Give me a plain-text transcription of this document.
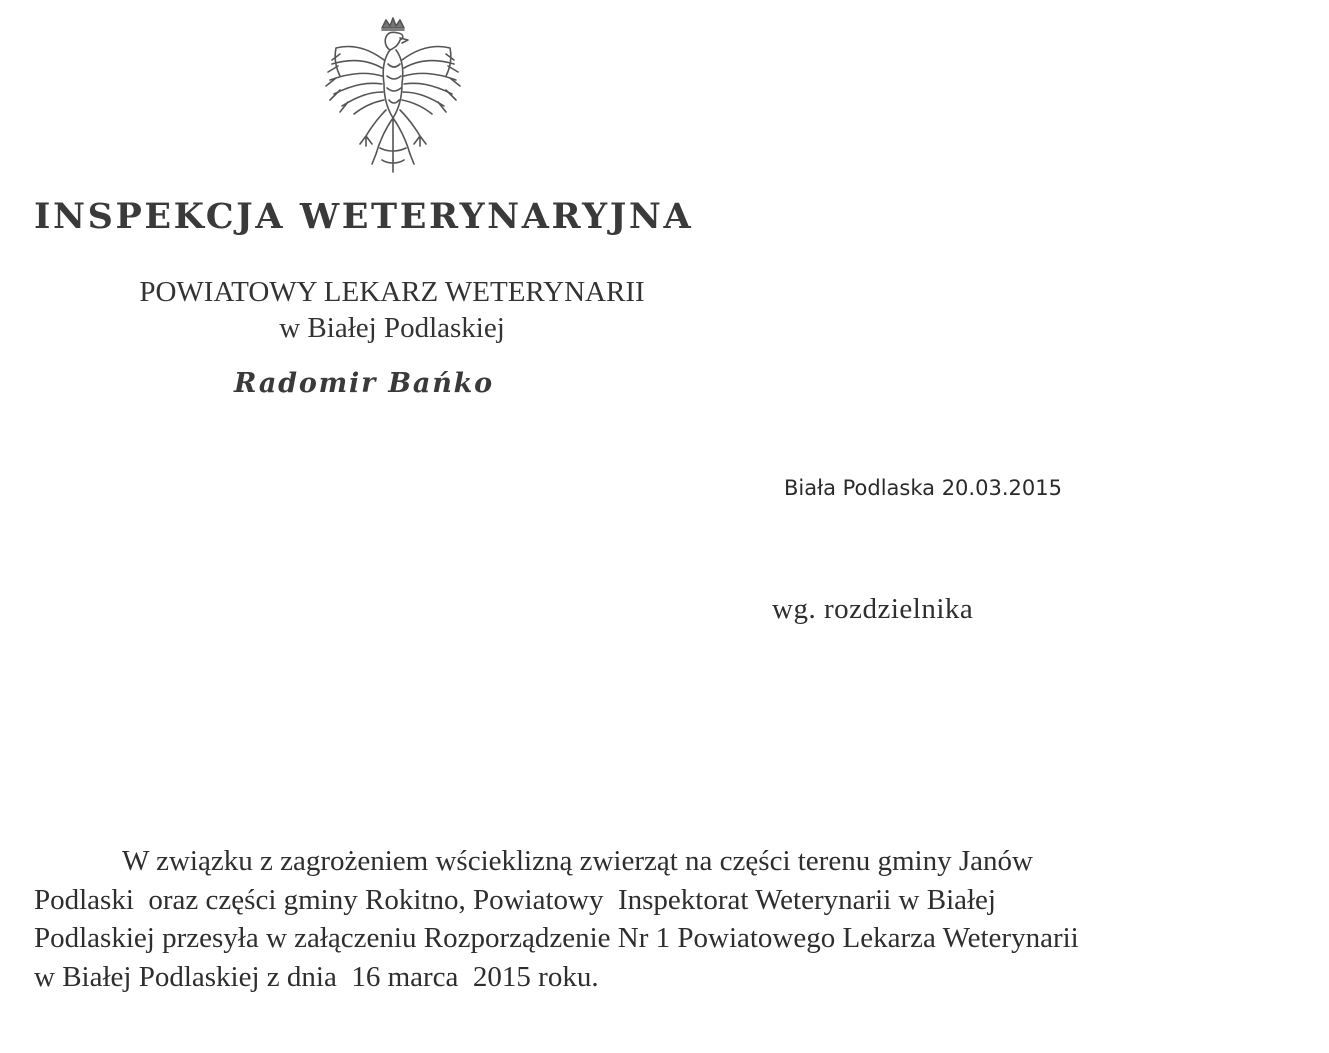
INSPEKCJA WETERYNARYJNA
POWIATOWY LEKARZ WETERYNARII
w Białej Podlaskiej
Radomir Bańko
Biała Podlaska 20.03.2015
wg. rozdzielnika
W związku z zagrożeniem wścieklizną zwierząt na części terenu gminy Janów
Podlaski  oraz części gminy Rokitno, Powiatowy  Inspektorat Weterynarii w Białej
Podlaskiej przesyła w załączeniu Rozporządzenie Nr 1 Powiatowego Lekarza Weterynarii
w Białej Podlaskiej z dnia  16 marca  2015 roku.
